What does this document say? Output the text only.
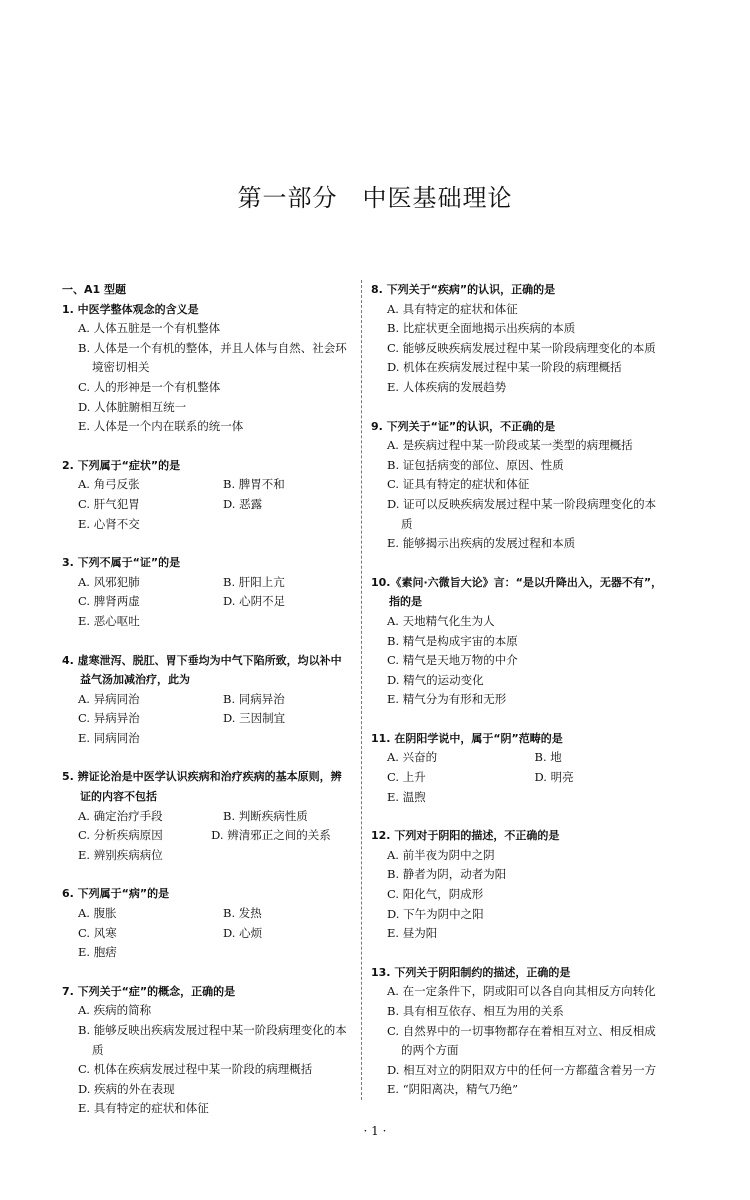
第一部分　中医基础理论
一、A1 型题
1. 中医学整体观念的含义是
A. 人体五脏是一个有机整体
B. 人体是一个有机的整体，并且人体与自然、社会环境密切相关
C. 人的形神是一个有机整体
D. 人体脏腑相互统一
E. 人体是一个内在联系的统一体
2. 下列属于“症状”的是
A. 角弓反张	B. 脾胃不和
C. 肝气犯胃	D. 恶露
E. 心肾不交
3. 下列不属于“证”的是
A. 风邪犯肺	B. 肝阳上亢
C. 脾肾两虚	D. 心阴不足
E. 恶心呕吐
4. 虚寒泄泻、脱肛、胃下垂均为中气下陷所致，均以补中益气汤加减治疗，此为
A. 异病同治	B. 同病异治
C. 异病异治	D. 三因制宜
E. 同病同治
5. 辨证论治是中医学认识疾病和治疗疾病的基本原则，辨证的内容不包括
A. 确定治疗手段	B. 判断疾病性质
C. 分析疾病原因	D. 辨清邪正之间的关系
E. 辨别疾病病位
6. 下列属于“病”的是
A. 腹胀	B. 发热
C. 风寒	D. 心烦
E. 胞痞
7. 下列关于“症”的概念，正确的是
A. 疾病的简称
B. 能够反映出疾病发展过程中某一阶段病理变化的本质
C. 机体在疾病发展过程中某一阶段的病理概括
D. 疾病的外在表现
E. 具有特定的症状和体征
8. 下列关于“疾病”的认识，正确的是
A. 具有特定的症状和体征
B. 比症状更全面地揭示出疾病的本质
C. 能够反映疾病发展过程中某一阶段病理变化的本质
D. 机体在疾病发展过程中某一阶段的病理概括
E. 人体疾病的发展趋势
9. 下列关于“证”的认识，不正确的是
A. 是疾病过程中某一阶段或某一类型的病理概括
B. 证包括病变的部位、原因、性质
C. 证具有特定的症状和体征
D. 证可以反映疾病发展过程中某一阶段病理变化的本质
E. 能够揭示出疾病的发展过程和本质
10.《素问·六微旨大论》言：“是以升降出入，无器不有”，指的是
A. 天地精气化生为人
B. 精气是构成宇宙的本原
C. 精气是天地万物的中介
D. 精气的运动变化
E. 精气分为有形和无形
11. 在阴阳学说中，属于“阴”范畴的是
A. 兴奋的	B. 地
C. 上升	D. 明亮
E. 温煦
12. 下列对于阴阳的描述，不正确的是
A. 前半夜为阴中之阴
B. 静者为阴，动者为阳
C. 阳化气，阴成形
D. 下午为阴中之阳
E. 昼为阳
13. 下列关于阴阳制约的描述，正确的是
A. 在一定条件下，阴或阳可以各自向其相反方向转化
B. 具有相互依存、相互为用的关系
C. 自然界中的一切事物都存在着相互对立、相反相成的两个方面
D. 相互对立的阴阳双方中的任何一方都蕴含着另一方
E. “阴阳离决，精气乃绝”
· 1 ·
